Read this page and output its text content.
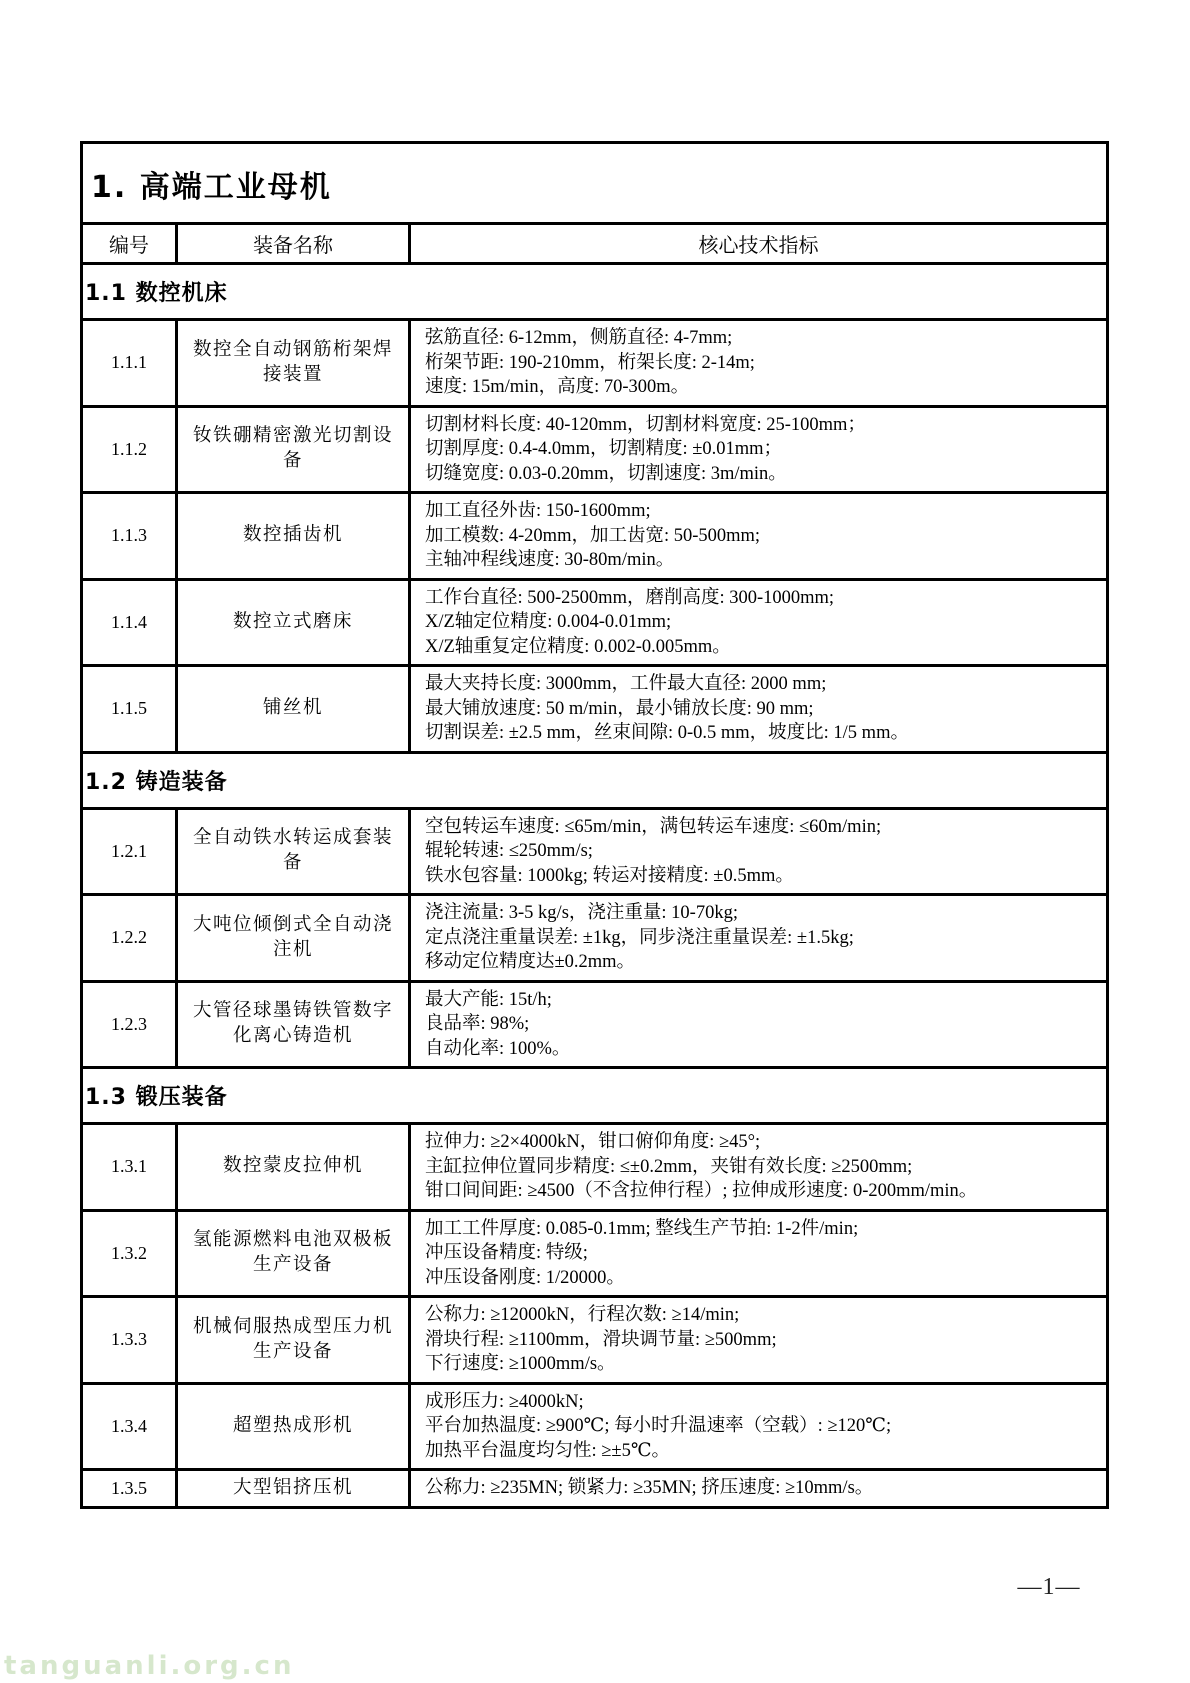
1. 高端工业母机		
编号	装备名称	核心技术指标
1.1 数控机床		
1.1.1	数控全自动钢筋桁架焊接装置	弦筋直径: 6-12mm，侧筋直径: 4-7mm;
桁架节距: 190-210mm，桁架长度: 2-14m;
速度: 15m/min，高度: 70-300m。

1.1.2	钕铁硼精密激光切割设备	切割材料长度: 40-120mm，切割材料宽度: 25-100mm；
切割厚度: 0.4-4.0mm，切割精度: ±0.01mm；
切缝宽度: 0.03-0.20mm，切割速度: 3m/min。

1.1.3	数控插齿机	加工直径外齿: 150-1600mm;
加工模数: 4-20mm，加工齿宽: 50-500mm;
主轴冲程线速度: 30-80m/min。

1.1.4	数控立式磨床	工作台直径: 500-2500mm，磨削高度: 300-1000mm;
X/Z轴定位精度: 0.004-0.01mm;
X/Z轴重复定位精度: 0.002-0.005mm。

1.1.5	铺丝机	最大夹持长度: 3000mm，工件最大直径: 2000 mm;
最大铺放速度: 50 m/min，最小铺放长度: 90 mm;
切割误差: ±2.5 mm，丝束间隙: 0-0.5 mm，坡度比: 1/5 mm。

1.2 铸造装备		
1.2.1	全自动铁水转运成套装备	空包转运车速度: ≤65m/min，满包转运车速度: ≤60m/min;
辊轮转速: ≤250mm/s;
铁水包容量: 1000kg; 转运对接精度: ±0.5mm。

1.2.2	大吨位倾倒式全自动浇注机	浇注流量: 3-5 kg/s，浇注重量: 10-70kg;
定点浇注重量误差: ±1kg，同步浇注重量误差: ±1.5kg;
移动定位精度达±0.2mm。

1.2.3	大管径球墨铸铁管数字化离心铸造机	最大产能: 15t/h;
良品率: 98%;
自动化率: 100%。

1.3 锻压装备		
1.3.1	数控蒙皮拉伸机	拉伸力: ≥2×4000kN，钳口俯仰角度: ≥45°;
主缸拉伸位置同步精度: ≤±0.2mm，夹钳有效长度: ≥2500mm;
钳口间间距: ≥4500（不含拉伸行程）; 拉伸成形速度: 0-200mm/min。

1.3.2	氢能源燃料电池双极板生产设备	加工工件厚度: 0.085-0.1mm; 整线生产节拍: 1-2件/min;
冲压设备精度: 特级;
冲压设备刚度: 1/20000。

1.3.3	机械伺服热成型压力机生产设备	公称力: ≥12000kN，行程次数: ≥14/min;
滑块行程: ≥1100mm，滑块调节量: ≥500mm;
下行速度: ≥1000mm/s。

1.3.4	超塑热成形机	成形压力: ≥4000kN;
平台加热温度: ≥900℃; 每小时升温速率（空载）: ≥120℃;
加热平台温度均匀性: ≥±5℃。

1.3.5	大型铝挤压机	公称力: ≥235MN; 锁紧力: ≥35MN; 挤压速度: ≥10mm/s。
—1—
tanguanli.org.cn
